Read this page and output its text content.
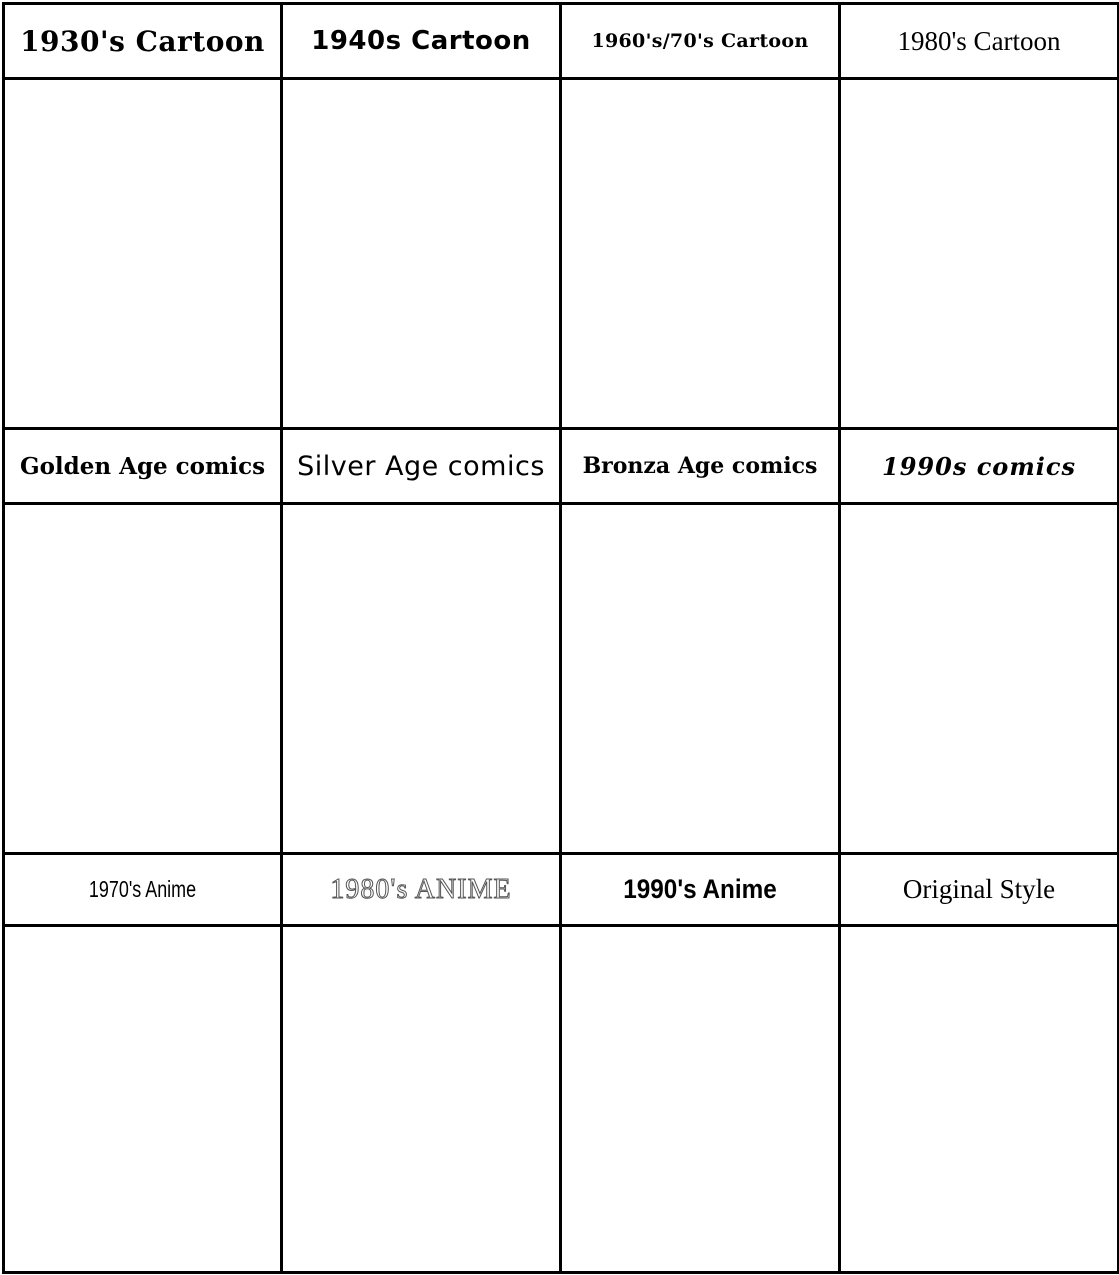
1930's Cartoon	1940s Cartoon	1960's/70's Cartoon	1980's Cartoon
Golden Age comics	Silver Age comics	Bronza Age comics	1990s comics
1970's Anime	1980's ANIME	1990's Anime	Original Style
